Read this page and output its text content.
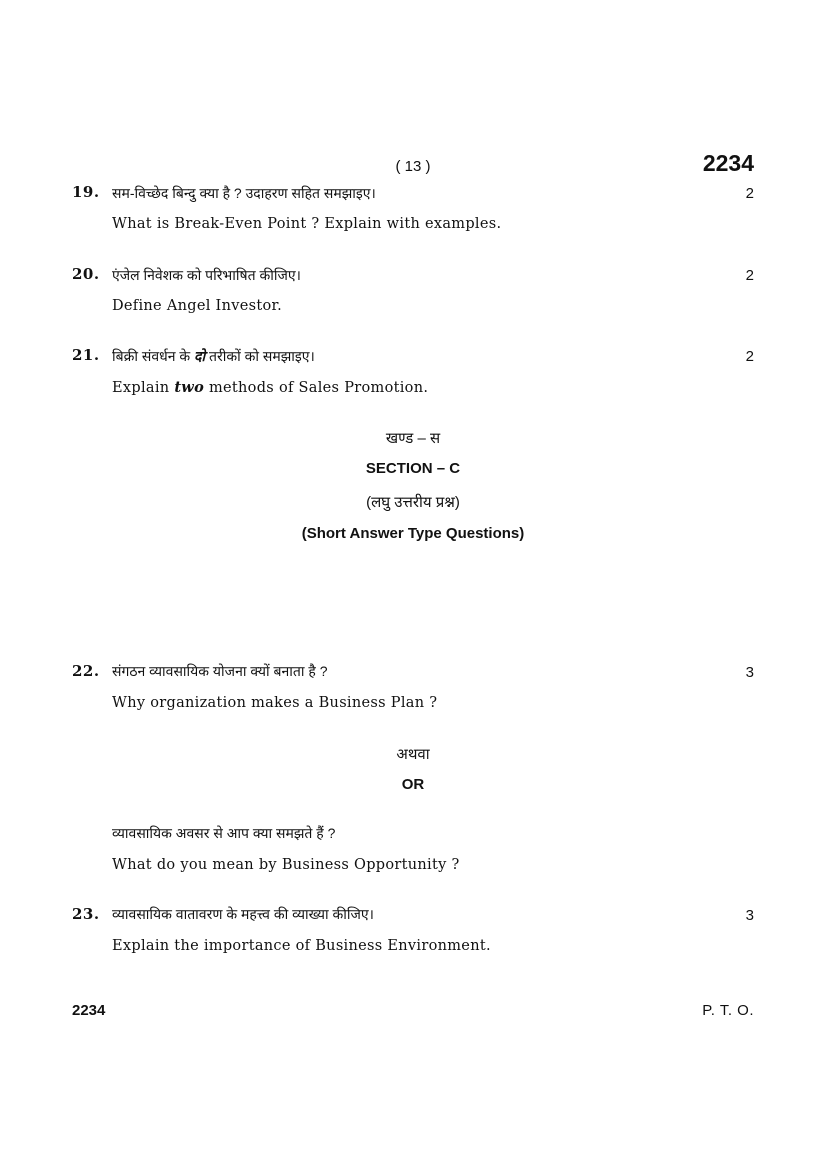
( 13 )	2234
19. सम-विच्छेद बिन्दु क्या है ? उदाहरण सहित समझाइए।	2
What is Break-Even Point ? Explain with examples.
20. एंजेल निवेशक को परिभाषित कीजिए।	2
Define Angel Investor.
21. बिक्री संवर्धन के दो तरीकों को समझाइए।	2
Explain two methods of Sales Promotion.
खण्ड – स
SECTION – C
(लघु उत्तरीय प्रश्न)
(Short Answer Type Questions)
22. संगठन व्यावसायिक योजना क्यों बनाता है ?	3
Why organization makes a Business Plan ?
अथवा
OR
व्यावसायिक अवसर से आप क्या समझते हैं ?
What do you mean by Business Opportunity ?
23. व्यावसायिक वातावरण के महत्त्व की व्याख्या कीजिए।	3
Explain the importance of Business Environment.
2234	P. T. O.
